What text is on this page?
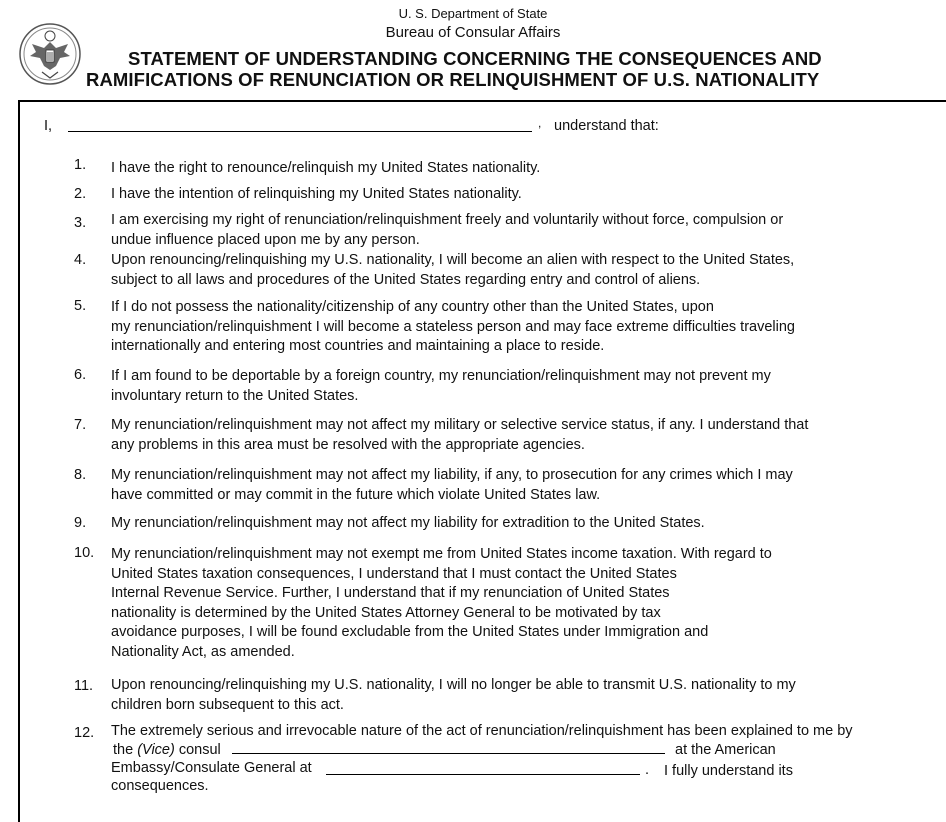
U. S. Department of State
Bureau of Consular Affairs
STATEMENT OF UNDERSTANDING CONCERNING THE CONSEQUENCES AND
RAMIFICATIONS OF RENUNCIATION OR RELINQUISHMENT OF U.S. NATIONALITY
I,	, understand that:
1.	I have the right to renounce/relinquish my United States nationality.
2.	I have the intention of relinquishing my United States nationality.
3.	I am exercising my right of renunciation/relinquishment freely and voluntarily without force, compulsion or
undue influence placed upon me by any person.
4.	Upon renouncing/relinquishing my U.S. nationality, I will become an alien with respect to the United States,
subject to all laws and procedures of the United States regarding entry and control of aliens.
5.	If I do not possess the nationality/citizenship of any country other than the United States, upon
my renunciation/relinquishment I will become a stateless person and may face extreme difficulties traveling
internationally and entering most countries and maintaining a place to reside.
6.	If I am found to be deportable by a foreign country, my renunciation/relinquishment may not prevent my
involuntary return to the United States.
7.	My renunciation/relinquishment may not affect my military or selective service status, if any. I understand that
any problems in this area must be resolved with the appropriate agencies.
8.	My renunciation/relinquishment may not affect my liability, if any, to prosecution for any crimes which I may
have committed or may commit in the future which violate United States law.
9.	My renunciation/relinquishment may not affect my liability for extradition to the United States.
10.	My renunciation/relinquishment may not exempt me from United States income taxation. With regard to
United States taxation consequences, I understand that I must contact the United States
Internal Revenue Service. Further, I understand that if my renunciation of United States
nationality is determined by the United States Attorney General to be motivated by tax
avoidance purposes, I will be found excludable from the United States under Immigration and
Nationality Act, as amended.
11.	Upon renouncing/relinquishing my U.S. nationality, I will no longer be able to transmit U.S. nationality to my
children born subsequent to this act.
12.	The extremely serious and irrevocable nature of the act of renunciation/relinquishment has been explained to me by
the (Vice) consul	at the American
Embassy/Consulate General at	. I fully understand its
consequences.
